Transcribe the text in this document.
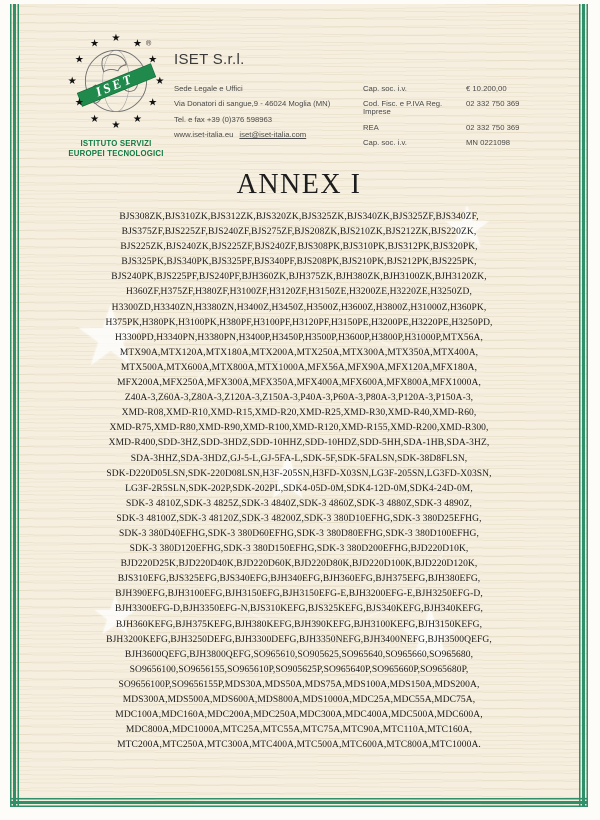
★
★
★
★
★
ISET
★ ★
★
★
★
★
★
★
★
★
★
★	®
ISTITUTO SERVIZI
EUROPEI TECNOLOGICI

ISET S.r.l.

Sede Legale e Uffici
Via Donatori di sangue,9 - 46024 Moglia (MN)
Tel. e fax +39 (0)376 598963
www.iset-italia.eu iset@iset-italia.com
Cap. soc. i.v.	€ 10.200,00
Cod. Fisc. e P.IVA Reg. Imprese
02 332 750 369
REA	02 332 750 369
Cap. soc. i.v.	MN 0221098
ANNEX I
BJS308ZK,BJS310ZK,BJS312ZK,BJS320ZK,BJS325ZK,BJS340ZK,BJS325ZF,BJS340ZF,
BJS375ZF,BJS225ZF,BJS240ZF,BJS275ZF,BJS208ZK,BJS210ZK,BJS212ZK,BJS220ZK,
BJS225ZK,BJS240ZK,BJS225ZF,BJS240ZF,BJS308PK,BJS310PK,BJS312PK,BJS320PK,
BJS325PK,BJS340PK,BJS325PF,BJS340PF,BJS208PK,BJS210PK,BJS212PK,BJS225PK,
BJS240PK,BJS225PF,BJS240PF,BJH360ZK,BJH375ZK,BJH380ZK,BJH3100ZK,BJH3120ZK,
H360ZF,H375ZF,H380ZF,H3100ZF,H3120ZF,H3150ZE,H3200ZE,H3220ZE,H3250ZD,
H3300ZD,H3340ZN,H3380ZN,H3400Z,H3450Z,H3500Z,H3600Z,H3800Z,H31000Z,H360PK,
H375PK,H380PK,H3100PK,H380PF,H3100PF,H3120PF,H3150PE,H3200PE,H3220PE,H3250PD,
H3300PD,H3340PN,H3380PN,H3400P,H3450P,H3500P,H3600P,H3800P,H31000P,MTX56A,
MTX90A,MTX120A,MTX180A,MTX200A,MTX250A,MTX300A,MTX350A,MTX400A,
MTX500A,MTX600A,MTX800A,MTX1000A,MFX56A,MFX90A,MFX120A,MFX180A,
MFX200A,MFX250A,MFX300A,MFX350A,MFX400A,MFX600A,MFX800A,MFX1000A,
Z40A-3,Z60A-3,Z80A-3,Z120A-3,Z150A-3,P40A-3,P60A-3,P80A-3,P120A-3,P150A-3,
XMD-R08,XMD-R10,XMD-R15,XMD-R20,XMD-R25,XMD-R30,XMD-R40,XMD-R60,
XMD-R75,XMD-R80,XMD-R90,XMD-R100,XMD-R120,XMD-R155,XMD-R200,XMD-R300,
XMD-R400,SDD-3HZ,SDD-3HDZ,SDD-10HHZ,SDD-10HDZ,SDD-5HH,SDA-1HB,SDA-3HZ,
SDA-3HHZ,SDA-3HDZ,GJ-5-L,GJ-5FA-L,SDK-5F,SDK-5FALSN,SDK-38D8FLSN,
SDK-D220D05LSN,SDK-220D08LSN,H3F-205SN,H3FD-X03SN,LG3F-205SN,LG3FD-X03SN,
LG3F-2R5SLN,SDK-202P,SDK-202PL,SDK4-05D-0M,SDK4-12D-0M,SDK4-24D-0M,
SDK-3 4810Z,SDK-3 4825Z,SDK-3 4840Z,SDK-3 4860Z,SDK-3 4880Z,SDK-3 4890Z,
SDK-3 48100Z,SDK-3 48120Z,SDK-3 48200Z,SDK-3 380D10EFHG,SDK-3 380D25EFHG,
SDK-3 380D40EFHG,SDK-3 380D60EFHG,SDK-3 380D80EFHG,SDK-3 380D100EFHG,
SDK-3 380D120EFHG,SDK-3 380D150EFHG,SDK-3 380D200EFHG,BJD220D10K,
BJD220D25K,BJD220D40K,BJD220D60K,BJD220D80K,BJD220D100K,BJD220D120K,
BJS310EFG,BJS325EFG,BJS340EFG,BJH340EFG,BJH360EFG,BJH375EFG,BJH380EFG,
BJH390EFG,BJH3100EFG,BJH3150EFG,BJH3150EFG-E,BJH3200EFG-E,BJH3250EFG-D,
BJH3300EFG-D,BJH3350EFG-N,BJS310KEFG,BJS325KEFG,BJS340KEFG,BJH340KEFG,
BJH360KEFG,BJH375KEFG,BJH380KEFG,BJH390KEFG,BJH3100KEFG,BJH3150KEFG,
BJH3200KEFG,BJH3250DEFG,BJH3300DEFG,BJH3350NEFG,BJH3400NEFG,BJH3500QEFG,
BJH3600QEFG,BJH3800QEFG,SO965610,SO905625,SO965640,SO965660,SO965680,
SO9656100,SO9656155,SO965610P,SO905625P,SO965640P,SO965660P,SO965680P,
SO9656100P,SO9656155P,MDS30A,MDS50A,MDS75A,MDS100A,MDS150A,MDS200A,
MDS300A,MDS500A,MDS600A,MDS800A,MDS1000A,MDC25A,MDC55A,MDC75A,
MDC100A,MDC160A,MDC200A,MDC250A,MDC300A,MDC400A,MDC500A,MDC600A,
MDC800A,MDC1000A,MTC25A,MTC55A,MTC75A,MTC90A,MTC110A,MTC160A,
MTC200A,MTC250A,MTC300A,MTC400A,MTC500A,MTC600A,MTC800A,MTC1000A.
